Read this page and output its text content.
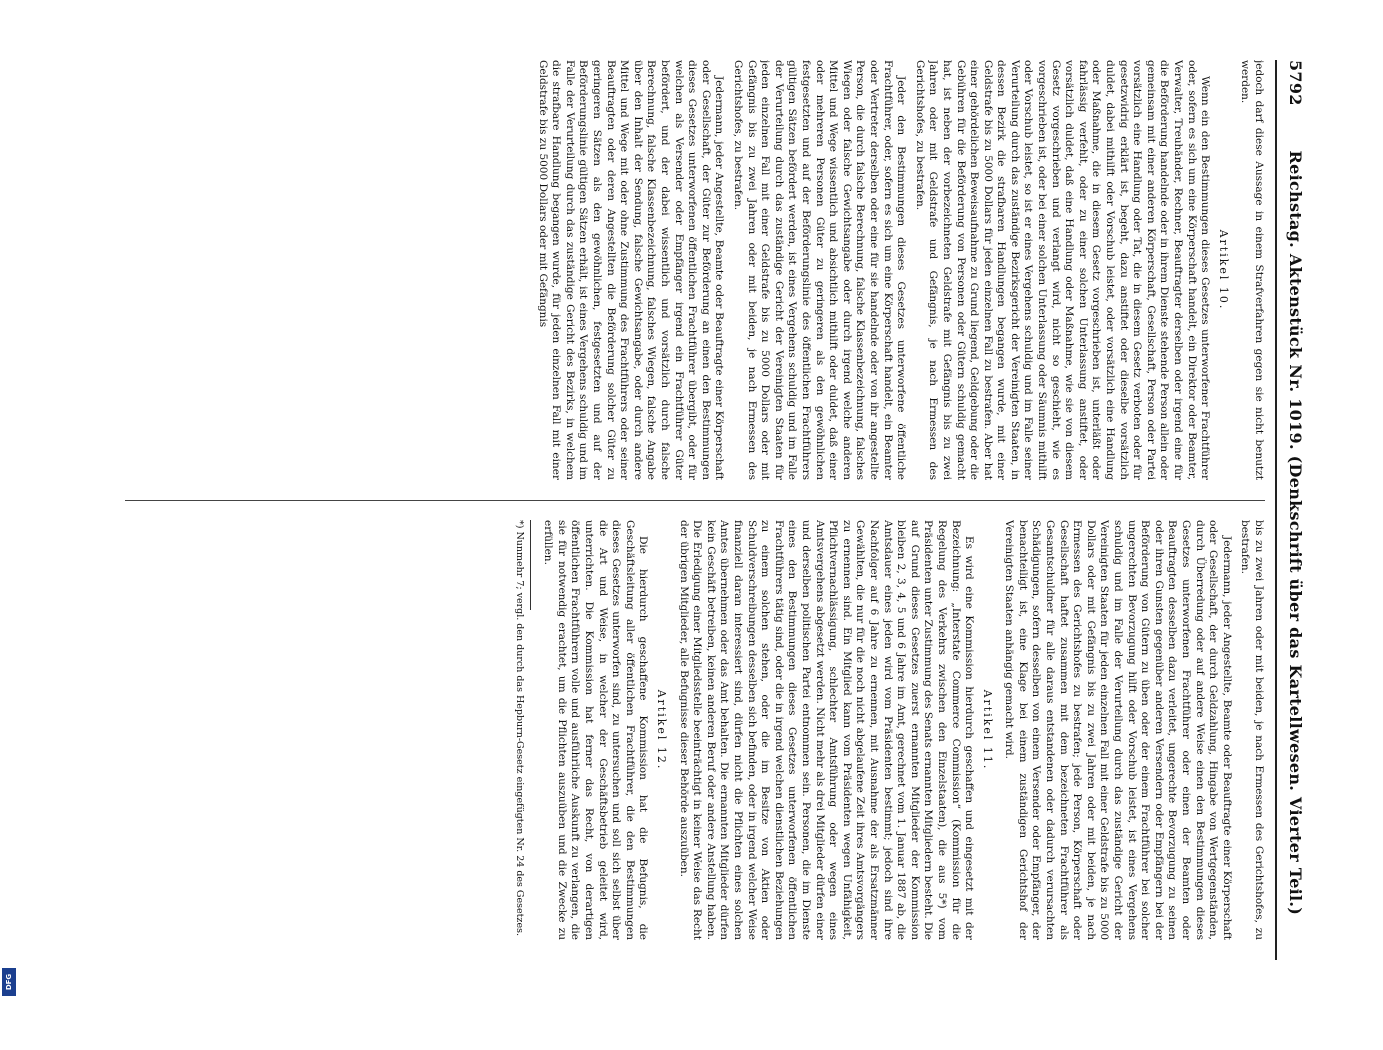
5792
Reichstag. Aktenstück Nr. 1019. (Denkschrift über das Kartellwesen. Vierter Teil.)

jedoch darf diese Aussage in einem Strafverfahren gegen sie nicht benutzt werden.

Artikel 10.

Wenn ein den Bestimmungen dieses Gesetzes unterworfener Frachtführer oder, sofern es sich um eine Körperschaft handelt, ein Direktor oder Beamter, Verwalter, Treuhänder, Rechner, Beauftragter derselben oder irgend eine für die Beförderung handelnde oder in ihrem Dienste stehende Person allein oder gemeinsam mit einer anderen Körperschaft, Gesellschaft, Person oder Partei vorsätzlich eine Handlung oder Tat, die in diesem Gesetz verboten oder für gesetzwidrig erklärt ist, begeht, dazu anstiftet oder dieselbe vorsätzlich duldet, dabei mithilft oder Vorschub leistet, oder vorsätzlich eine Handlung oder Maßnahme, die in diesem Gesetz vorgeschrieben ist, unterläßt oder fahrlässig verfehlt, oder zu einer solchen Unterlassung anstiftet, oder vorsätzlich duldet, daß eine Handlung oder Maßnahme, wie sie von diesem Gesetz vorgeschrieben und verlangt wird, nicht so geschieht, wie es vorgeschrieben ist, oder bei einer solchen Unterlassung oder Säumnis mithilft oder Vorschub leistet, so ist er eines Vergehens schuldig und im Falle seiner Verurteilung durch das zuständige Bezirksgericht der Vereinigten Staaten, in dessen Bezirk die strafbaren Handlungen begangen wurde, mit einer Geldstrafe bis zu 5000 Dollars für jeden einzelnen Fall zu bestrafen. Aber hat einer gehördelichen Beweisaufnahme zu Grund liegend, Geldgebung oder die Gebühren für die Beförderung von Personen oder Gütern schuldig gemacht hat, ist neben der vorbezeichneten Geldstrafe mit Gefängnis bis zu zwei Jahren oder mit Geldstrafe und Gefängnis, je nach Ermessen des Gerichtshofes, zu bestrafen.

Jeder den Bestimmungen dieses Gesetzes unterworfene öffentliche Frachtführer, oder, sofern es sich um eine Körperschaft handelt, ein Beamter oder Vertreter derselben oder eine für sie handelnde oder von ihr angestellte Person, die durch falsche Berechnung, falsche Klassenbezeichnung, falsches Wiegen oder falsche Gewichtsangabe oder durch irgend welche anderen Mittel und Wege wissentlich und absichtlich mithilft oder duldet, daß einer oder mehreren Personen Güter zu geringeren als den gewöhnlichen festgesetzten und auf der Beförderungslinie des öffentlichen Frachtführers gültigen Sätzen befördert werden, ist eines Vergehens schuldig und im Falle der Verurteilung durch das zuständige Gericht der Vereinigten Staaten für jeden einzelnen Fall mit einer Geldstrafe bis zu 5000 Dollars oder mit Gefängnis bis zu zwei Jahren oder mit beiden, je nach Ermessen des Gerichtshofes, zu bestrafen.

Jedermann, jeder Angestellte, Beamte oder Beauftragte einer Körperschaft oder Gesellschaft, der Güter zur Beförderung an einen den Bestimmungen dieses Gesetzes unterworfenen öffentlichen Frachtführer übergibt, oder für welchen als Versender oder Empfänger irgend ein Frachtführer Güter befördert, und der dabei wissentlich und vorsätzlich durch falsche Berechnung, falsche Klassenbezeichnung, falsches Wiegen, falsche Angabe über den Inhalt der Sendung, falsche Gewichtsangabe, oder durch andere Mittel und Wege mit oder ohne Zustimmung des Frachtführers oder seiner Beauftragten oder deren Angestellten die Beförderung solcher Güter zu geringeren Sätzen als den gewöhnlichen, festgesetzten und auf der Beförderungslinie gültigen Sätzen erhält, ist eines Vergehens schuldig und im Falle der Verurteilung durch das zuständige Gericht des Bezirks, in welchem die strafbare Handlung begangen wurde, für jeden einzelnen Fall mit einer Geldstrafe bis zu 5000 Dollars oder mit Gefängnis

bis zu zwei Jahren oder mit beiden, je nach Ermessen des Gerichtshofes, zu bestrafen.

Jedermann, jeder Angestellte, Beamte oder Beauftragte einer Körperschaft oder Gesellschaft, der durch Geldzahlung, Hingabe von Wertgegenständen, durch Überredung oder auf andere Weise einen den Bestimmungen dieses Gesetzes unterworfenen Frachtführer oder einen der Beamten oder Beauftragten desselben dazu verleitet, ungerechte Bevorzugung zu seinen oder ihren Gunsten gegenüber anderen Versendern oder Empfängern bei der Beförderung von Gütern zu üben oder der einem Frachtführer bei solcher ungerechten Bevorzugung hilft oder Vorschub leistet, ist eines Vergehens schuldig und im Falle der Verurteilung durch das zuständige Gericht der Vereinigten Staaten für jeden einzelnen Fall mit einer Geldstrafe bis zu 5000 Dollars oder mit Gefängnis bis zu zwei Jahren oder mit beiden, je nach Ermessen des Gerichtshofes zu bestrafen; jede Person, Körperschaft oder Gesellschaft haftet zusammen mit dem bezeichneten Frachtführer als Gesamtschuldner für alle daraus entstandenen oder dadurch verursachten Schädigungen, sofern desselben von einem Versender oder Empfänger, der benachteiligt ist, eine Klage bei einem zuständigen Gerichtshof der Vereinigten Staaten anhängig gemacht wird.

Artikel 11.

Es wird eine Kommission hierdurch geschaffen und eingesetzt mit der Bezeichnung: „Interstate Commerce Commission“ (Kommission für die Regelung des Verkehrs zwischen den Einzelstaaten), die aus 5*) vom Präsidenten unter Zustimmung des Senats ernannten Mitgliedern besteht. Die auf Grund dieses Gesetzes zuerst ernannten Mitglieder der Kommission bleiben 2, 3, 4, 5 und 6 Jahre im Amt, gerechnet vom 1. Januar 1887 ab, die Amtsdauer eines jeden wird vom Präsidenten bestimmt; jedoch sind ihre Nachfolger auf 6 Jahre zu ernennen, mit Ausnahme der als Ersatzmänner Gewählten, die nur für die noch nicht abgelaufene Zeit ihres Amtsvorgängers zu ernennen sind. Ein Mitglied kann vom Präsidenten wegen Unfähigkeit, Pflichtvernachlässigung, schlechter Amtsführung oder wegen eines Amtsvergehens abgesetzt werden. Nicht mehr als drei Mitglieder dürfen einer und derselben politischen Partei entnommen sein. Personen, die im Dienste eines den Bestimmungen dieses Gesetzes unterworfenen öffentlichen Frachtführers tätig sind, oder die in irgend welchen dienstlichen Beziehungen zu einem solchen stehen, oder die im Besitze von Aktien oder Schuldverschreibungen desselben sich befinden, oder in irgend welcher Weise finanziell daran interessiert sind, dürfen nicht die Pflichten eines solchen Amtes übernehmen oder das Amt behalten. Die ernannten Mitglieder dürfen kein Geschäft betreiben, keinen anderen Beruf oder andere Anstellung haben. Die Erledigung einer Mitgliedsstelle beeinträchtigt in keiner Weise das Recht der übrigen Mitglieder, alle Befugnisse dieser Behörde auszuüben.

Artikel 12.

Die hierdurch geschaffene Kommission hat die Befugnis, die Geschäftsleitung aller öffentlichen Frachtführer, die den Bestimmungen dieses Gesetzes unterworfen sind, zu untersuchen und soll sich selbst über die Art und Weise, in welcher der Geschäftsbetrieb geleitet wird, unterrichten. Die Kommission hat ferner das Recht, von derartigen öffentlichen Frachtführern volle und ausführliche Auskunft zu verlangen, die sie für notwendig erachtet, um die Pflichten auszuüben und die Zwecke zu erfüllen.

*) Nunmehr 7; vergl. den durch das Hepburn-Gesetz eingefügten Nr. 24 des Gesetzes.
DFG
